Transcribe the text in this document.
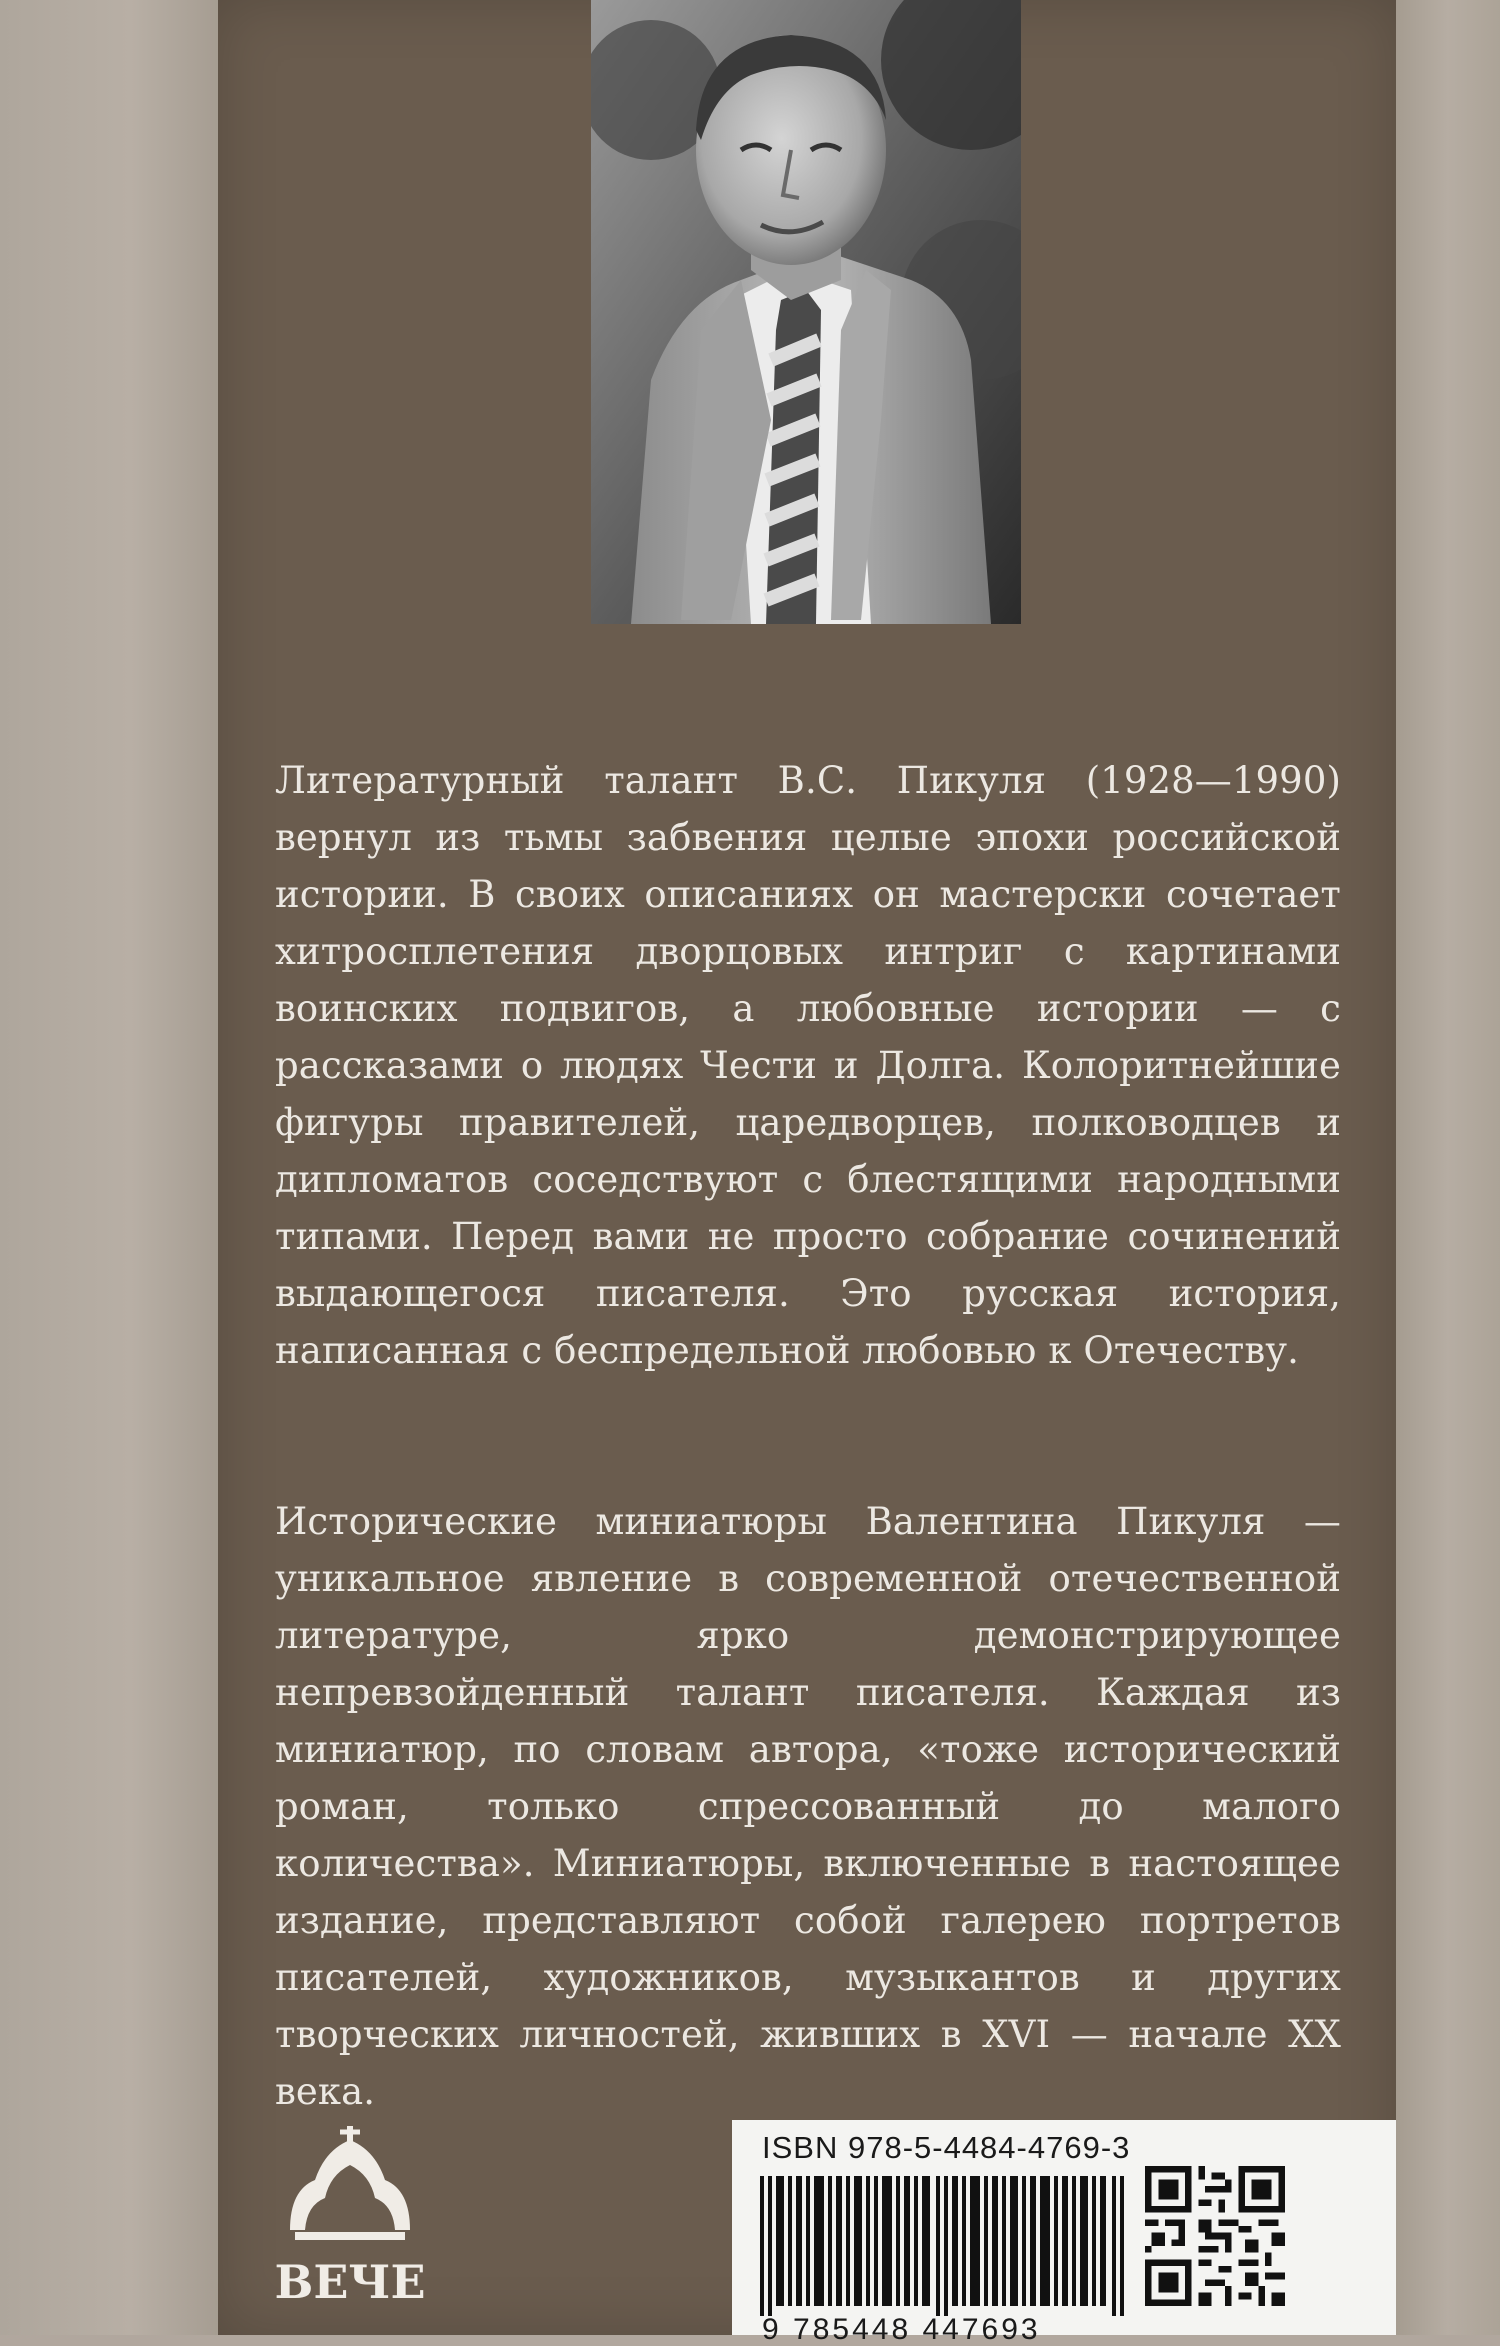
Литературный талант В.С. Пикуля (1928—1990) вернул из тьмы забвения целые эпохи российской истории. В своих описаниях он мастерски сочетает хитросплетения дворцовых интриг с картинами воинских подвигов, а любовные истории — с рассказами о людях Чести и Долга. Колоритнейшие фигуры правителей, царедворцев, полководцев и дипломатов соседствуют с блестящими народными типами. Перед вами не просто собрание сочинений выдающегося писателя. Это русская история, написанная с беспредельной любовью к Отечеству.
Исторические миниатюры Валентина Пикуля — уникальное явление в современной отечественной литературе, ярко демонстрирующее непревзойденный талант писателя. Каждая из миниатюр, по словам автора, «тоже исторический роман, только спрессованный до малого количества». Миниатюры, включенные в настоящее издание, представляют собой галерею портретов писателей, художников, музыкантов и других творческих личностей, живших в XVI — начале XX века.
ВЕЧЕ
ISBN 978-5-4484-4769-3
9 785448 447693
